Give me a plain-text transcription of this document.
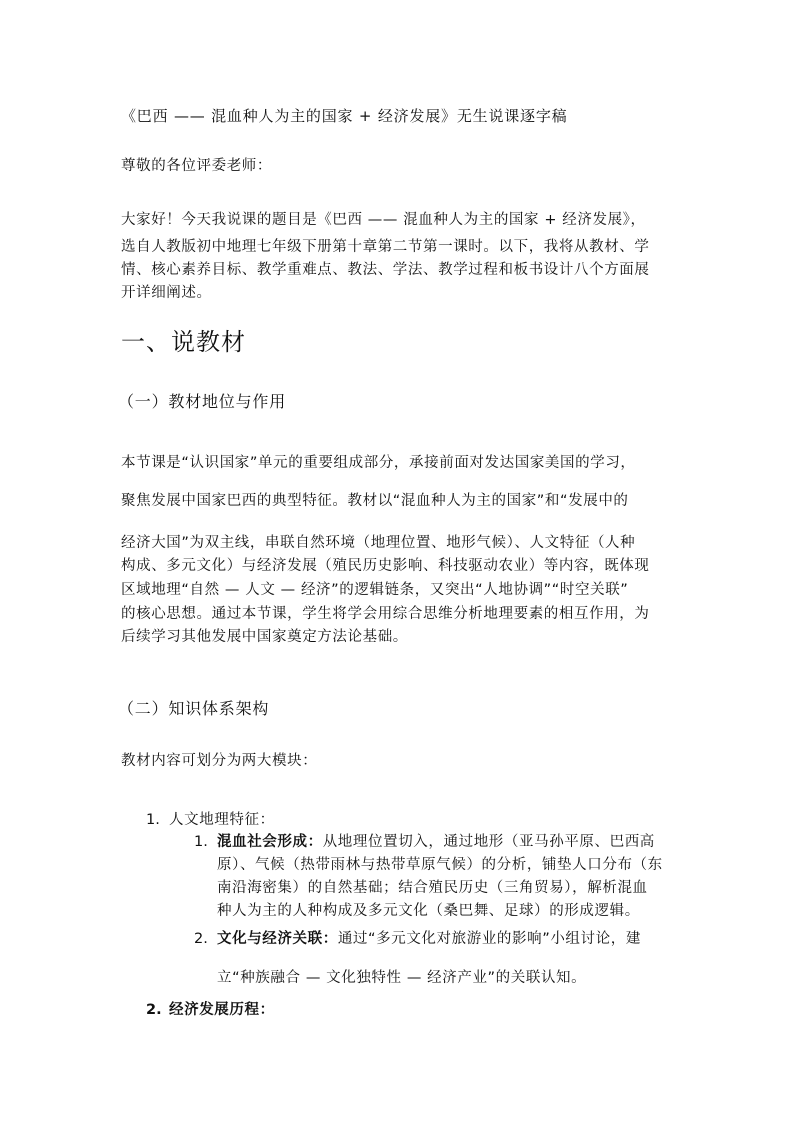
《巴西 —— 混血种人为主的国家 + 经济发展》无生说课逐字稿

尊敬的各位评委老师：

大家好！今天我说课的题目是《巴西 —— 混血种人为主的国家 + 经济发展》，

选自人教版初中地理七年级下册第十章第二节第一课时。以下，我将从教材、学

情、核心素养目标、教学重难点、教法、学法、教学过程和板书设计八个方面展

开详细阐述。

一、说教材
（一）教材地位与作用

本节课是“认识国家”单元的重要组成部分，承接前面对发达国家美国的学习，

聚焦发展中国家巴西的典型特征。教材以“混血种人为主的国家”和“发展中的

经济大国”为双主线，串联自然环境（地理位置、地形气候）、人文特征（人种

构成、多元文化）与经济发展（殖民历史影响、科技驱动农业）等内容，既体现

区域地理“自然 — 人文 — 经济”的逻辑链条，又突出“人地协调”“时空关联”

的核心思想。通过本节课，学生将学会用综合思维分析地理要素的相互作用，为

后续学习其他发展中国家奠定方法论基础。

（二）知识体系架构

教材内容可划分为两大模块：

1. 人文地理特征：
1. 混血社会形成：从地理位置切入，通过地形（亚马孙平原、巴西高

原）、气候（热带雨林与热带草原气候）的分析，铺垫人口分布（东

南沿海密集）的自然基础；结合殖民历史（三角贸易），解析混血

种人为主的人种构成及多元文化（桑巴舞、足球）的形成逻辑。

2. 文化与经济关联：通过“多元文化对旅游业的影响”小组讨论，建

立“种族融合 — 文化独特性 — 经济产业”的关联认知。

2. 经济发展历程：
